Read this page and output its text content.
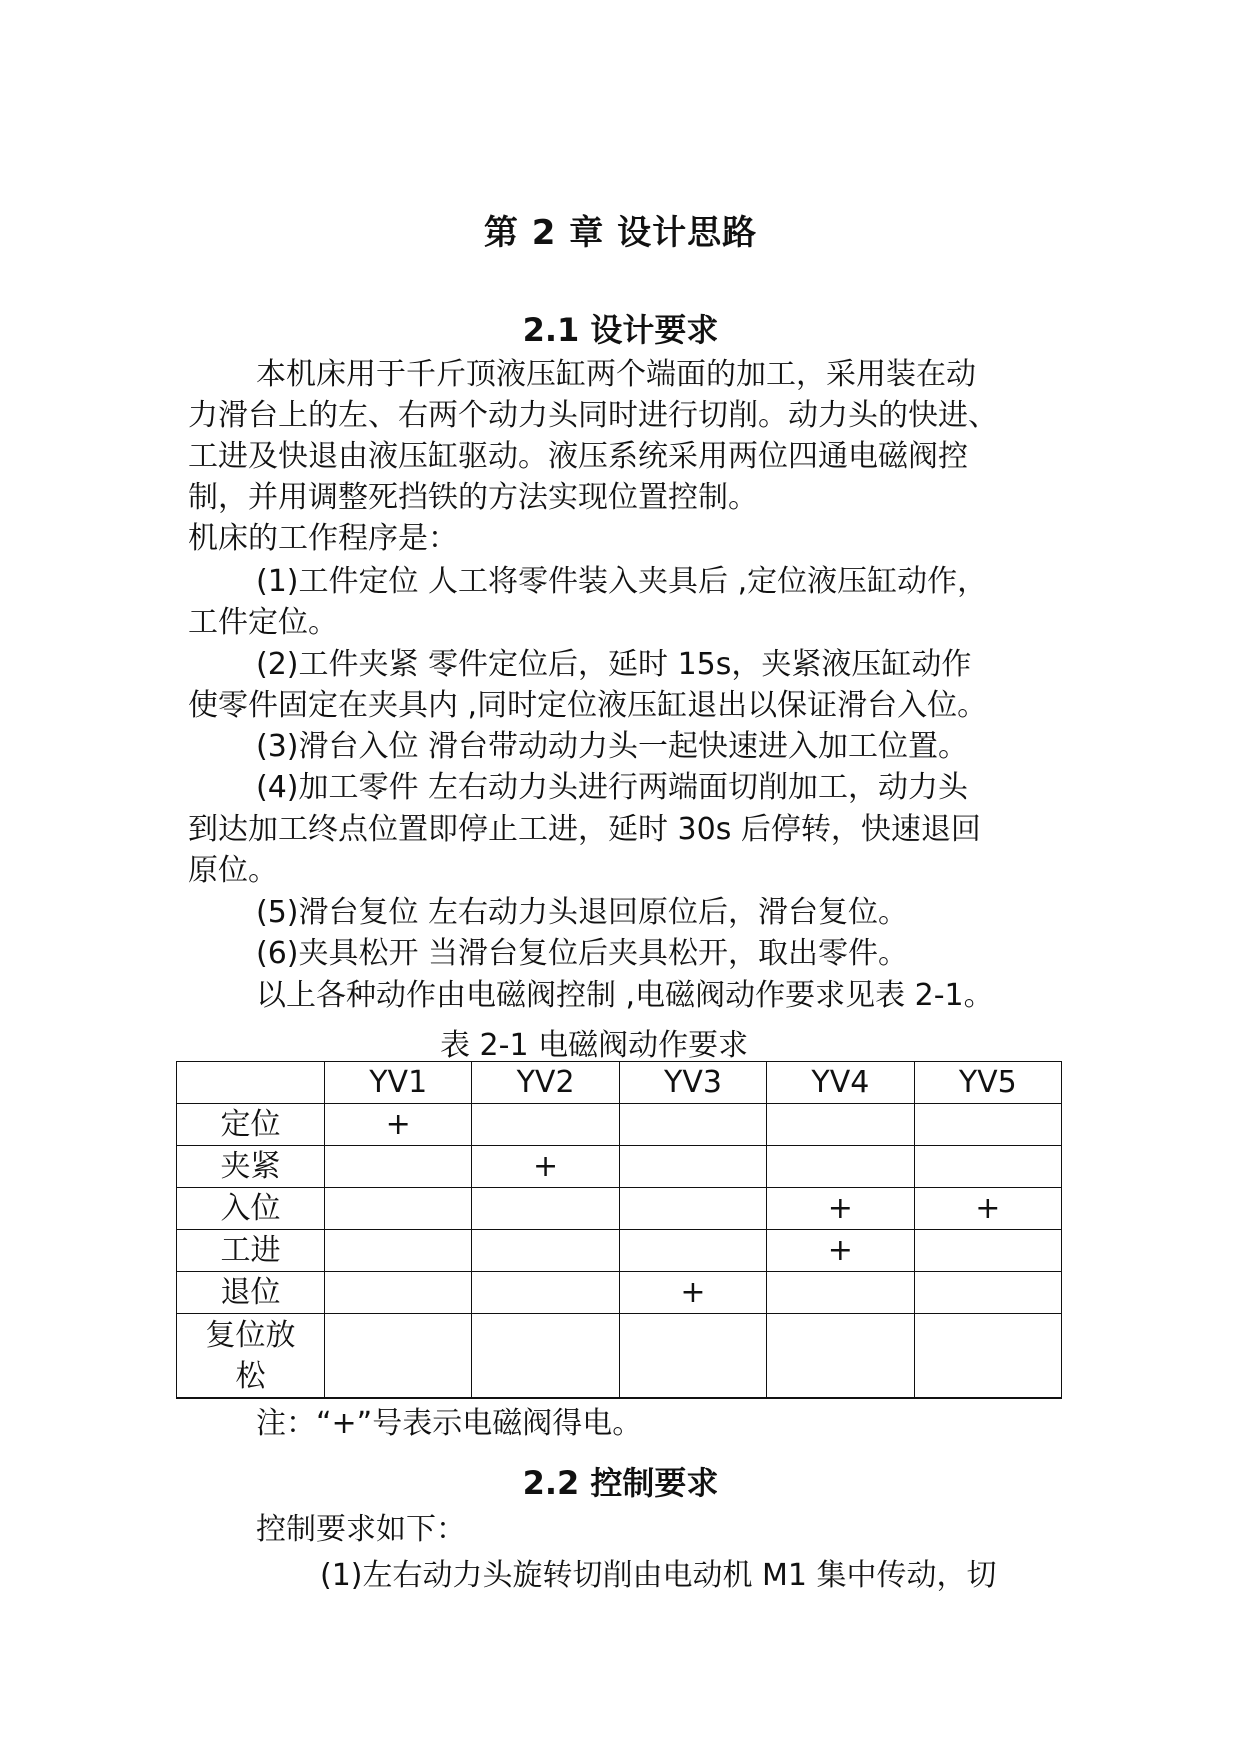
第 2 章 设计思路
2.1 设计要求
本机床用于千斤顶液压缸两个端面的加工，采用装在动
力滑台上的左、右两个动力头同时进行切削。动力头的快进、
工进及快退由液压缸驱动。液压系统采用两位四通电磁阀控
制，并用调整死挡铁的方法实现位置控制。
机床的工作程序是：
(1)工件定位 人工将零件装入夹具后 ,定位液压缸动作，
工件定位。
(2)工件夹紧 零件定位后，延时 15s，夹紧液压缸动作
使零件固定在夹具内 ,同时定位液压缸退出以保证滑台入位。
(3)滑台入位 滑台带动动力头一起快速进入加工位置。
(4)加工零件 左右动力头进行两端面切削加工，动力头
到达加工终点位置即停止工进，延时 30s 后停转，快速退回
原位。
(5)滑台复位 左右动力头退回原位后，滑台复位。
(6)夹具松开 当滑台复位后夹具松开，取出零件。
以上各种动作由电磁阀控制 ,电磁阀动作要求见表 2-1。
表 2-1 电磁阀动作要求
	YV1	YV2	YV3	YV4	YV5
定位	+				
夹紧		+			
入位				+	+
工进				+	
退位			+		
复位放松					
注：“+”号表示电磁阀得电。
2.2 控制要求
控制要求如下：
(1)左右动力头旋转切削由电动机 M1 集中传动，切
